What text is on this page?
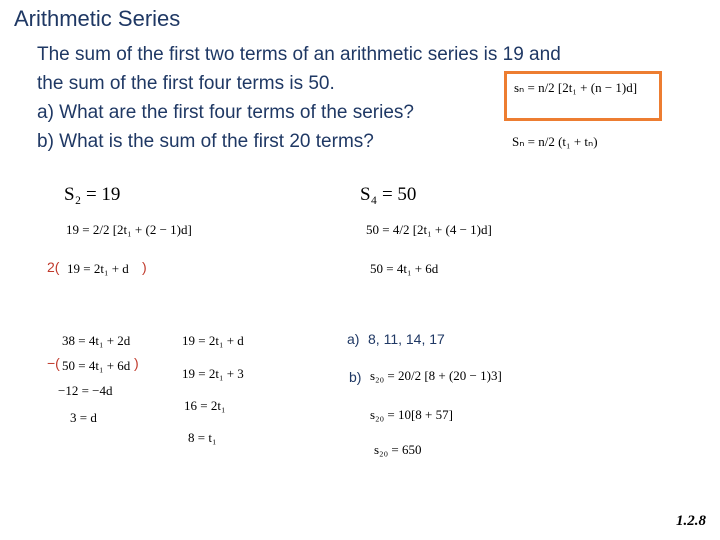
Arithmetic Series
The sum of the first two terms of an arithmetic series is 19 and
the sum of the first four terms is 50.
a) What are the first four terms of the series?
b) What is the sum of the first 20 terms?
sₙ = n/2 [2t₁ + (n − 1)d]
Sₙ = n/2 (t₁ + tₙ)
S₂ = 19
19 = 2/2 [2t₁ + (2 − 1)d]
2( 19 = 2t₁ + d )
38 = 4t₁ + 2d
−( 50 = 4t₁ + 6d )
−12 = −4d
3 = d
19 = 2t₁ + d
19 = 2t₁ + 3
16 = 2t₁
8 = t₁
S₄ = 50
50 = 4/2 [2t₁ + (4 − 1)d]
50 = 4t₁ + 6d
a) 8, 11, 14, 17
b) s₂₀ = 20/2 [8 + (20 − 1)3]
s₂₀ = 10[8 + 57]
s₂₀ = 650
1.2.8
